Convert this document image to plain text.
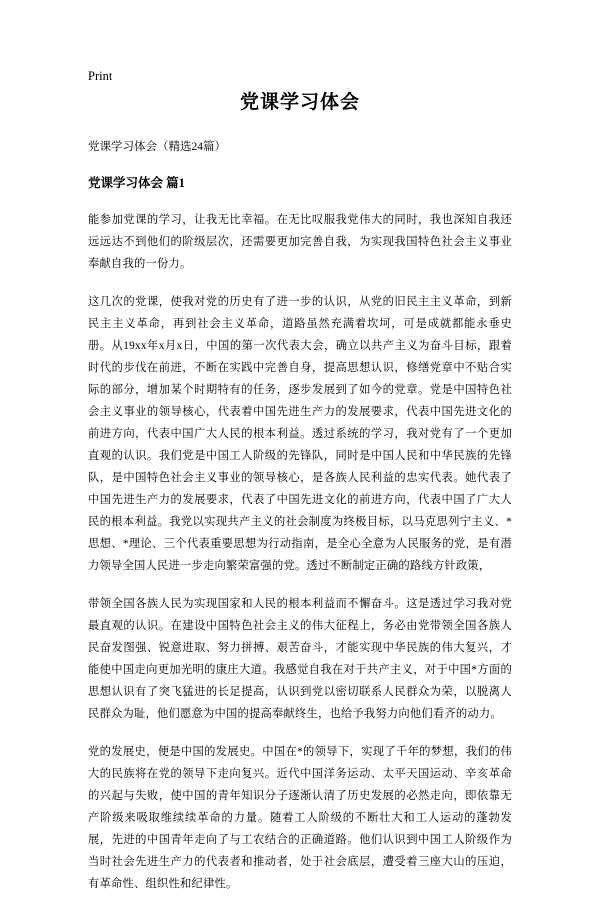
Print
党课学习体会
党课学习体会（精选24篇）
党课学习体会 篇1

能参加党课的学习，让我无比幸福。在无比叹服我党伟大的同时，我也深知自我还远远达不到他们的阶级层次，还需要更加完善自我，为实现我国特色社会主义事业奉献自我的一份力。

这几次的党课，使我对党的历史有了进一步的认识，从党的旧民主主义革命，到新民主主义革命，再到社会主义革命，道路虽然充满着坎坷，可是成就都能永垂史册。从19xx年x月x日，中国的第一次代表大会，确立以共产主义为奋斗目标，跟着时代的步伐在前进，不断在实践中完善自身，提高思想认识，修缮党章中不贴合实际的部分，增加某个时期特有的任务，逐步发展到了如今的党章。党是中国特色社会主义事业的领导核心，代表着中国先进生产力的发展要求，代表中国先进文化的前进方向，代表中国广大人民的根本利益。透过系统的学习，我对党有了一个更加直观的认识。我们党是中国工人阶级的先锋队，同时是中国人民和中华民族的先锋队，是中国特色社会主义事业的领导核心，是各族人民利益的忠实代表。她代表了中国先进生产力的发展要求，代表了中国先进文化的前进方向，代表中国了广大人民的根本利益。我党以实现共产主义的社会制度为终极目标，以马克思列宁主义、*思想、*理论、三个代表重要思想为行动指南，是全心全意为人民服务的党，是有潜力领导全国人民进一步走向繁荣富强的党。透过不断制定正确的路线方针政策，

带领全国各族人民为实现国家和人民的根本利益而不懈奋斗。这是透过学习我对党最直观的认识。在建设中国特色社会主义的伟大征程上，务必由党带领全国各族人民奋发图强、锐意进取、努力拼搏、艰苦奋斗，才能实现中华民族的伟大复兴，才能使中国走向更加光明的康庄大道。我感觉自我在对于共产主义，对于中国*方面的思想认识有了突飞猛进的长足提高，认识到党以密切联系人民群众为荣，以脱离人民群众为耻，他们愿意为中国的提高奉献终生，也给予我努力向他们看齐的动力。

党的发展史，便是中国的发展史。中国在*的领导下，实现了千年的梦想，我们的伟大的民族将在党的领导下走向复兴。近代中国洋务运动、太平天国运动、辛亥革命的兴起与失败，使中国的青年知识分子逐渐认清了历史发展的必然走向，即依靠无产阶级来吸取维续续革命的力量。随着工人阶级的不断壮大和工人运动的蓬勃发展，先进的中国青年走向了与工农结合的正确道路。他们认识到中国工人阶级作为当时社会先进生产力的代表者和推动者，处于社会底层，遭受着三座大山的压迫，有革命性、组织性和纪律性。
